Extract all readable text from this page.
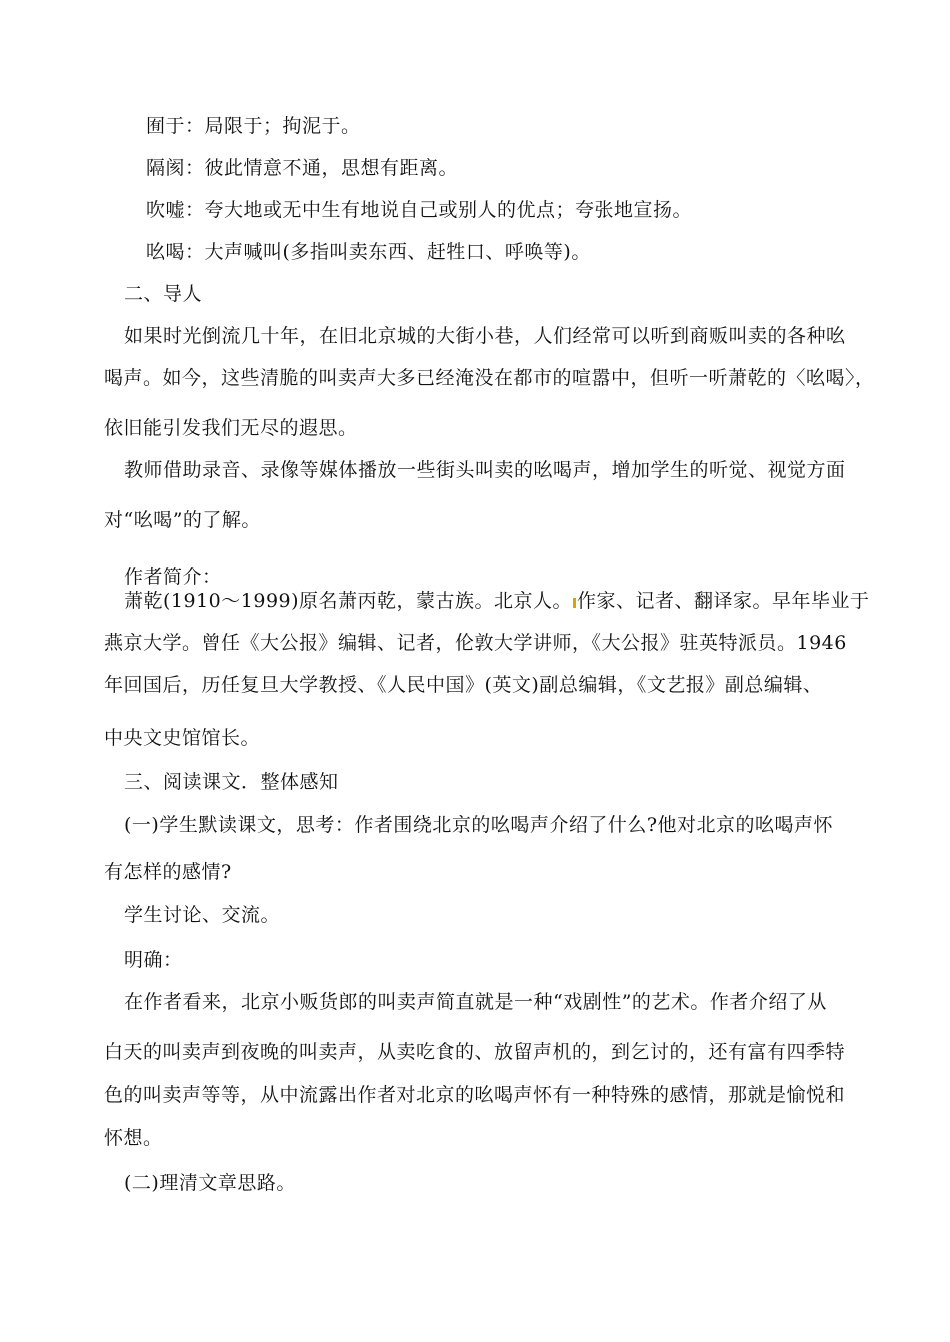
囿于：局限于；拘泥于。
隔阂：彼此情意不通，思想有距离。
吹嘘：夸大地或无中生有地说自己或别人的优点；夸张地宣扬。
吆喝：大声喊叫(多指叫卖东西、赶牲口、呼唤等)。
二、导人
如果时光倒流几十年，在旧北京城的大街小巷，人们经常可以听到商贩叫卖的各种吆
喝声。如今，这些清脆的叫卖声大多已经淹没在都市的喧嚣中，但听一听萧乾的〈吆喝〉，
依旧能引发我们无尽的遐思。
教师借助录音、录像等媒体播放一些街头叫卖的吆喝声，增加学生的听觉、视觉方面
对“吆喝”的了解。
作者简介：
萧乾(1910～1999)原名萧丙乾，蒙古族。北京人。 作家、记者、翻译家。早年毕业于
燕京大学。曾任《大公报》编辑、记者，伦敦大学讲师，《大公报》驻英特派员。1946
年回国后，历任复旦大学教授、《人民中国》(英文)副总编辑，《文艺报》副总编辑、
中央文史馆馆长。
三、阅读课文．整体感知
(一)学生默读课文，思考：作者围绕北京的吆喝声介绍了什么?他对北京的吆喝声怀
有怎样的感情?
学生讨论、交流。
明确：
在作者看来，北京小贩货郎的叫卖声简直就是一种“戏剧性”的艺术。作者介绍了从
白天的叫卖声到夜晚的叫卖声，从卖吃食的、放留声机的，到乞讨的，还有富有四季特
色的叫卖声等等，从中流露出作者对北京的吆喝声怀有一种特殊的感情，那就是愉悦和
怀想。
(二)理清文章思路。
